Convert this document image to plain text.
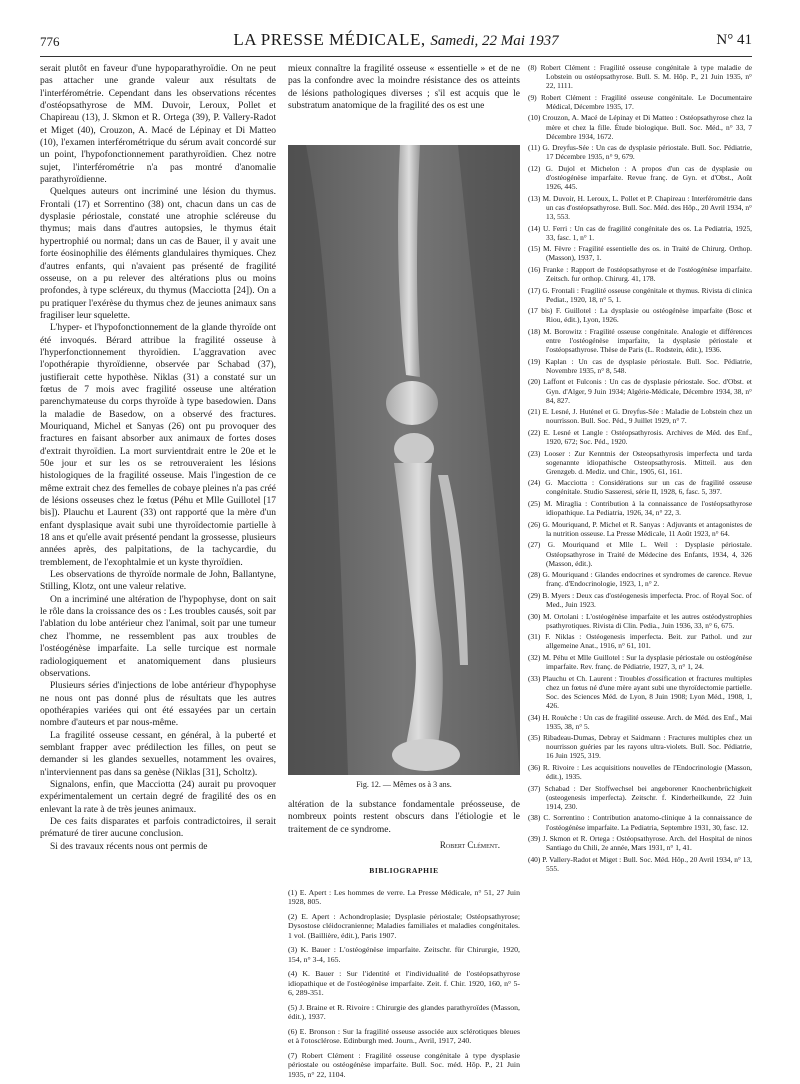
776	LA PRESSE MÉDICALE, Samedi, 22 Mai 1937	N° 41

serait plutôt en faveur d'une hypoparathyroïdie. On ne peut pas attacher une grande valeur aux résultats de l'interférométrie. Cependant dans les observations récentes d'ostéopsathyrose de MM. Duvoir, Leroux, Pollet et Chapireau (13), J. Skmon et R. Ortega (39), P. Vallery-Radot et Miget (40), Crouzon, A. Macé de Lépinay et Di Matteo (10), l'examen interférométrique du sérum avait concordé sur un point, l'hypofonctionnement parathyroïdien. Chez notre sujet, l'interférométrie n'a pas montré d'anomalie parathyroïdienne.

Quelques auteurs ont incriminé une lésion du thymus. Frontali (17) et Sorrentino (38) ont, chacun dans un cas de dysplasie périostale, constaté une atrophie scléreuse du thymus; mais dans d'autres autopsies, le thymus était hypertrophié ou normal; dans un cas de Bauer, il y avait une forte éosinophilie des éléments glandulaires thymiques. Chez d'autres enfants, qui n'avaient pas présenté de fragilité osseuse, on a pu relever des altérations plus ou moins profondes, à type scléreux, du thymus (Macciotta [24]). On a pu pratiquer l'exérèse du thymus chez de jeunes animaux sans fragiliser leur squelette.

L'hyper- et l'hypofonctionnement de la glande thyroïde ont été invoqués. Bérard attribue la fragilité osseuse à l'hyperfonctionnement thyroïdien. L'aggravation avec l'opothérapie thyroïdienne, observée par Schabad (37), justifierait cette hypothèse. Niklas (31) a constaté sur un fœtus de 7 mois avec fragilité osseuse une altération parenchymateuse du corps thyroïde à type basedowien. Dans la maladie de Basedow, on a observé des fractures. Mouriquand, Michel et Sanyas (26) ont pu provoquer des fractures en faisant absorber aux animaux de fortes doses d'extrait thyroïdien. La mort survientdrait entre le 20e et le 50e jour et sur les os se retrouveraient les lésions histologiques de la fragilité osseuse. Mais l'ingestion de ce même extrait chez des femelles de cobaye pleines n'a pas créé de lésions osseuses chez le fœtus (Péhu et Mlle Guillotel [17 bis]). Plauchu et Laurent (33) ont rapporté que la mère d'un enfant dysplasique avait subi une thyroïdectomie partielle à 18 ans et qu'elle avait présenté pendant la grossesse, plusieurs années après, des palpitations, de la tachycardie, du tremblement, de l'exophtalmie et un kyste thyroïdien.

Les observations de thyroïde normale de John, Ballantyne, Stilling, Klotz, ont une valeur relative.

On a incriminé une altération de l'hypophyse, dont on sait le rôle dans la croissance des os : Les troubles causés, soit par l'ablation du lobe antérieur chez l'animal, soit par une tumeur chez l'homme, ne ressemblent pas aux troubles de l'ostéogénèse imparfaite. La selle turcique est normale radiologiquement et anatomiquement dans plusieurs observations.

Plusieurs séries d'injections de lobe antérieur d'hypophyse ne nous ont pas donné plus de résultats que les autres opothérapies variées qui ont été essayées par un certain nombre d'auteurs et par nous-même.

La fragilité osseuse cessant, en général, à la puberté et semblant frapper avec prédilection les filles, on peut se demander si les glandes sexuelles, notamment les ovaires, n'interviennent pas dans sa genèse (Niklas [31], Scholtz).

Signalons, enfin, que Macciotta (24) aurait pu provoquer expérimentalement un certain degré de fragilité des os en enlevant la rate à de très jeunes animaux.

De ces faits disparates et parfois contradictoires, il serait prématuré de tirer aucune conclusion.

Si des travaux récents nous ont permis de

mieux connaître la fragilité osseuse « essentielle » et de ne pas la confondre avec la moindre résistance des os atteints de lésions pathologiques diverses ; s'il est acquis que le substratum anatomique de la fragilité des os est une

Fig. 12. — Mêmes os à 3 ans.

altération de la substance fondamentale préosseuse, de nombreux points restent obscurs dans l'étiologie et le traitement de ce syndrome.

Robert Clément.
BIBLIOGRAPHIE
(1) E. Apert : Les hommes de verre. La Presse Médicale, n° 51, 27 Juin 1928, 805.
(2) E. Apert : Achondroplasie; Dysplasie périostale; Ostéopsathyrose; Dysostose cléidocranienne; Maladies familiales et maladies congénitales. 1 vol. (Baillière, édit.), Paris 1907.
(3) K. Bauer : L'ostéogénèse imparfaite. Zeitschr. für Chirurgie, 1920, 154, n° 3-4, 165.
(4) K. Bauer : Sur l'identité et l'individualité de l'ostéopsathyrose idiopathique et de l'ostéogénèse imparfaite. Zeit. f. Chir. 1920, 160, n° 5-6, 289-351.
(5) J. Braine et R. Rivoire : Chirurgie des glandes parathyroïdes (Masson, édit.), 1937.
(6) E. Bronson : Sur la fragilité osseuse associée aux sclérotiques bleues et à l'otosclérose. Edinburgh med. Journ., Avril, 1917, 240.
(7) Robert Clément : Fragilité osseuse congénitale à type dysplasie périostale ou ostéogénèse imparfaite. Bull. Soc. méd. Hôp. P., 21 Juin 1935, n° 22, 1104.
(8) Robert Clément : Fragilité osseuse congénitale à type maladie de Lobstein ou ostéopsathyrose. Bull. S. M. Hôp. P., 21 Juin 1935, n° 22, 1111.
(9) Robert Clément : Fragilité osseuse congénitale. Le Documentaire Médical, Décembre 1935, 17.
(10) Crouzon, A. Macé de Lépinay et Di Matteo : Ostéopsathyrose chez la mère et chez la fille. Étude biologique. Bull. Soc. Méd., n° 33, 7 Décembre 1934, 1672.
(11) G. Dreyfus-Sée : Un cas de dysplasie périostale. Bull. Soc. Pédiatrie, 17 Décembre 1935, n° 9, 679.
(12) G. Dujol et Michelon : A propos d'un cas de dysplasie ou d'ostéogénèse imparfaite. Revue franç. de Gyn. et d'Obst., Août 1926, 445.
(13) M. Duvoir, H. Leroux, L. Pollet et P. Chapireau : Interférométrie dans un cas d'ostéopsathyrose. Bull. Soc. Méd. des Hôp., 20 Avril 1934, n° 13, 553.
(14) U. Ferri : Un cas de fragilité congénitale des os. La Pediatria, 1925, 33, fasc. 1, n° 1.
(15) M. Fèvre : Fragilité essentielle des os. in Traité de Chirurg. Orthop. (Masson), 1937, 1.
(16) Franke : Rapport de l'ostéopsathyrose et de l'ostéogénèse imparfaite. Zeitsch. fur orthop. Chirurg. 41, 178.
(17) G. Frontali : Fragilité osseuse congénitale et thymus. Rivista di clinica Pediat., 1920, 18, n° 5, 1.
(17 bis) F. Guillotel : La dysplasie ou ostéogénèse imparfaite (Bosc et Riou, édit.), Lyon, 1926.
(18) M. Borowitz : Fragilité osseuse congénitale. Analogie et différences entre l'ostéogénèse imparfaite, la dysplasie périostale et l'ostéopsathyrose. Thèse de Paris (L. Rodstein, édit.), 1936.
(19) Kaplan : Un cas de dysplasie périostale. Bull. Soc. Pédiatrie, Novembre 1935, n° 8, 548.
(20) Laffont et Fulconis : Un cas de dysplasie périostale. Soc. d'Obst. et Gyn. d'Alger, 9 Juin 1934; Algérie-Médicale, Décembre 1934, 38, n° 84, 827.
(21) E. Lesné, J. Huténel et G. Dreyfus-Sée : Maladie de Lobstein chez un nourrisson. Bull. Soc. Péd., 9 Juillet 1929, n° 7.
(22) E. Lesné et Langle : Ostéopsathyrosis. Archives de Méd. des Enf., 1920, 672; Soc. Péd., 1920.
(23) Looser : Zur Kenntnis der Osteopsathyrosis imperfecta und tarda sogenannte idiopathische Osteopsathyrosis. Mitteil. aus den Grenzgeb. d. Mediz. und Chir., 1905, 61, 161.
(24) G. Macciotta : Considérations sur un cas de fragilité osseuse congénitale. Studio Sasseresi, série II, 1928, 6, fasc. 5, 397.
(25) M. Miraglia : Contribution à la connaissance de l'ostéopsathyrose idiopathique. La Pediatria, 1926, 34, n° 22, 3.
(26) G. Mouriquand, P. Michel et R. Sanyas : Adjuvants et antagonistes de la nutrition osseuse. La Presse Médicale, 11 Août 1923, n° 64.
(27) G. Mouriquand et Mlle L. Weil : Dysplasie périostale. Ostéopsathyrose in Traité de Médecine des Enfants, 1934, 4, 326 (Masson, édit.).
(28) G. Mouriquand : Glandes endocrines et syndromes de carence. Revue franç. d'Endocrinologie, 1923, 1, n° 2.
(29) B. Myers : Deux cas d'ostéogenesis imperfecta. Proc. of Royal Soc. of Med., Juin 1923.
(30) M. Ortolani : L'ostéogénèse imparfaite et les autres ostéodystrophies psathyrotiques. Rivista di Clin. Pedia., Juin 1936, 33, n° 6, 675.
(31) F. Niklas : Ostéogenesis imperfecta. Beit. zur Pathol. und zur allgemeine Anat., 1916, n° 61, 101.
(32) M. Péhu et Mlle Guillotel : Sur la dysplasie périostale ou ostéogénèse imparfaite. Rev. franç. de Pédiatrie, 1927, 3, n° 1, 24.
(33) Plauchu et Ch. Laurent : Troubles d'ossification et fractures multiples chez un fœtus né d'une mère ayant subi une thyroïdectomie partielle. Soc. des Sciences Méd. de Lyon, 8 Juin 1908; Lyon Méd., 1908, 1, 426.
(34) H. Rouèche : Un cas de fragilité osseuse. Arch. de Méd. des Enf., Mai 1935, 38, n° 5.
(35) Ribadeau-Dumas, Debray et Saidmann : Fractures multiples chez un nourrisson guéries par les rayons ultra-violets. Bull. Soc. Pédiatrie, 16 Juin 1925, 319.
(36) R. Rivoire : Les acquisitions nouvelles de l'Endocrinologie (Masson, édit.), 1935.
(37) Schabad : Der Stoffwechsel bei angeborener Knochenbrüchigkeit (osteogenesis imperfecta). Zeitschr. f. Kinderheilkunde, 22 Juin 1914, 230.
(38) C. Sorrentino : Contribution anatomo-clinique à la connaissance de l'ostéogénèse imparfaite. La Pediatria, Septembre 1931, 30, fasc. 12.
(39) J. Skmon et R. Ortega : Ostéopsathyrose. Arch. del Hospital de ninos Santiago du Chili, 2e année, Mars 1931, n° 1, 41.
(40) P. Vallery-Radot et Miget : Bull. Soc. Méd. Hôp., 20 Avril 1934, n° 13, 555.
